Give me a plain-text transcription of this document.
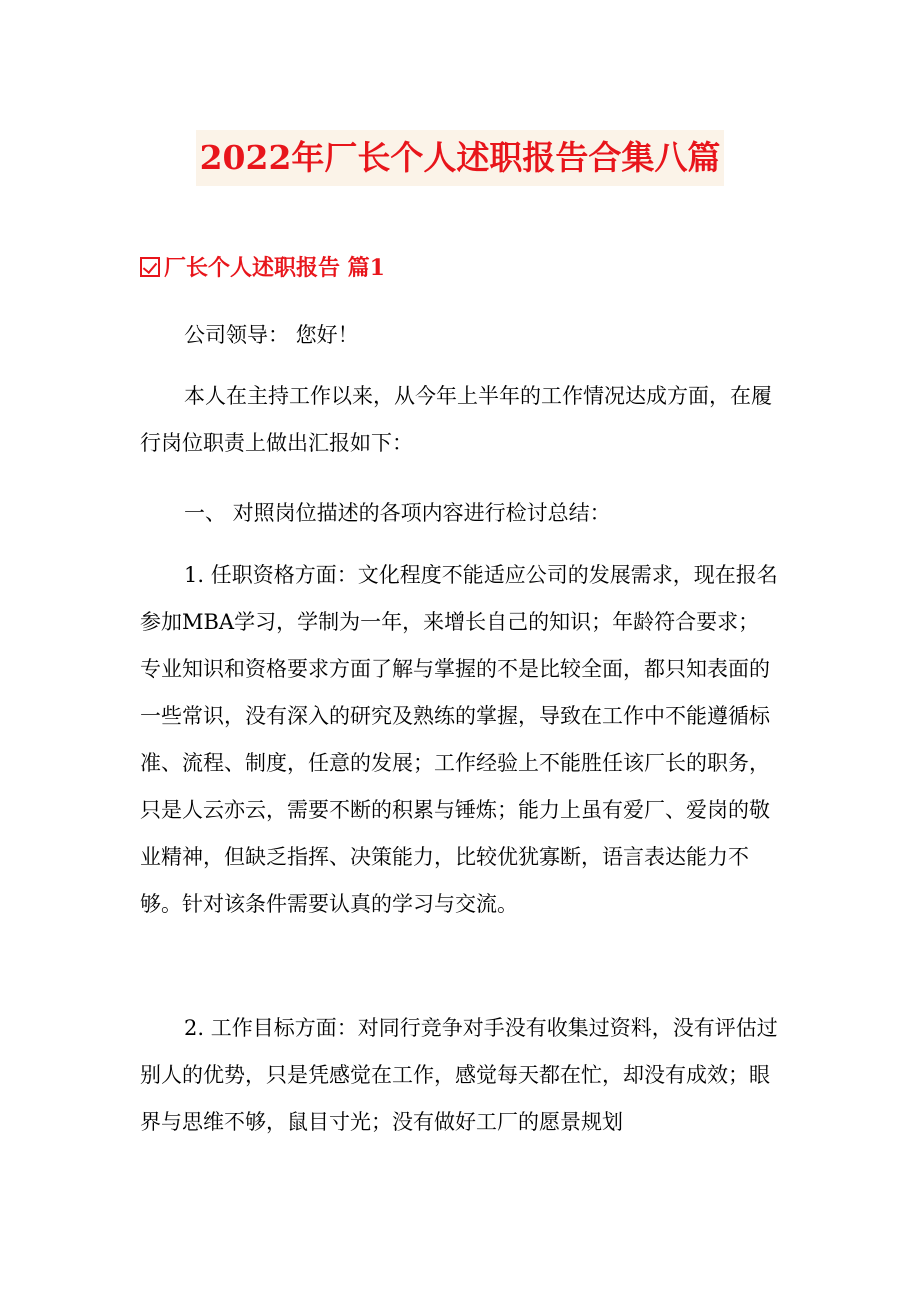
2022年厂长个人述职报告合集八篇
厂长个人述职报告 篇1

公司领导： 您好！

本人在主持工作以来，从今年上半年的工作情况达成方面，在履行岗位职责上做出汇报如下：

一、 对照岗位描述的各项内容进行检讨总结：

1. 任职资格方面：文化程度不能适应公司的发展需求，现在报名参加MBA学习，学制为一年，来增长自己的知识；年龄符合要求；专业知识和资格要求方面了解与掌握的不是比较全面，都只知表面的一些常识，没有深入的研究及熟练的掌握，导致在工作中不能遵循标准、流程、制度，任意的发展；工作经验上不能胜任该厂长的职务，只是人云亦云，需要不断的积累与锤炼；能力上虽有爱厂、爱岗的敬业精神，但缺乏指挥、决策能力，比较优犹寡断，语言表达能力不够。针对该条件需要认真的学习与交流。

2. 工作目标方面：对同行竞争对手没有收集过资料，没有评估过别人的优势，只是凭感觉在工作，感觉每天都在忙，却没有成效；眼界与思维不够，鼠目寸光；没有做好工厂的愿景规划
